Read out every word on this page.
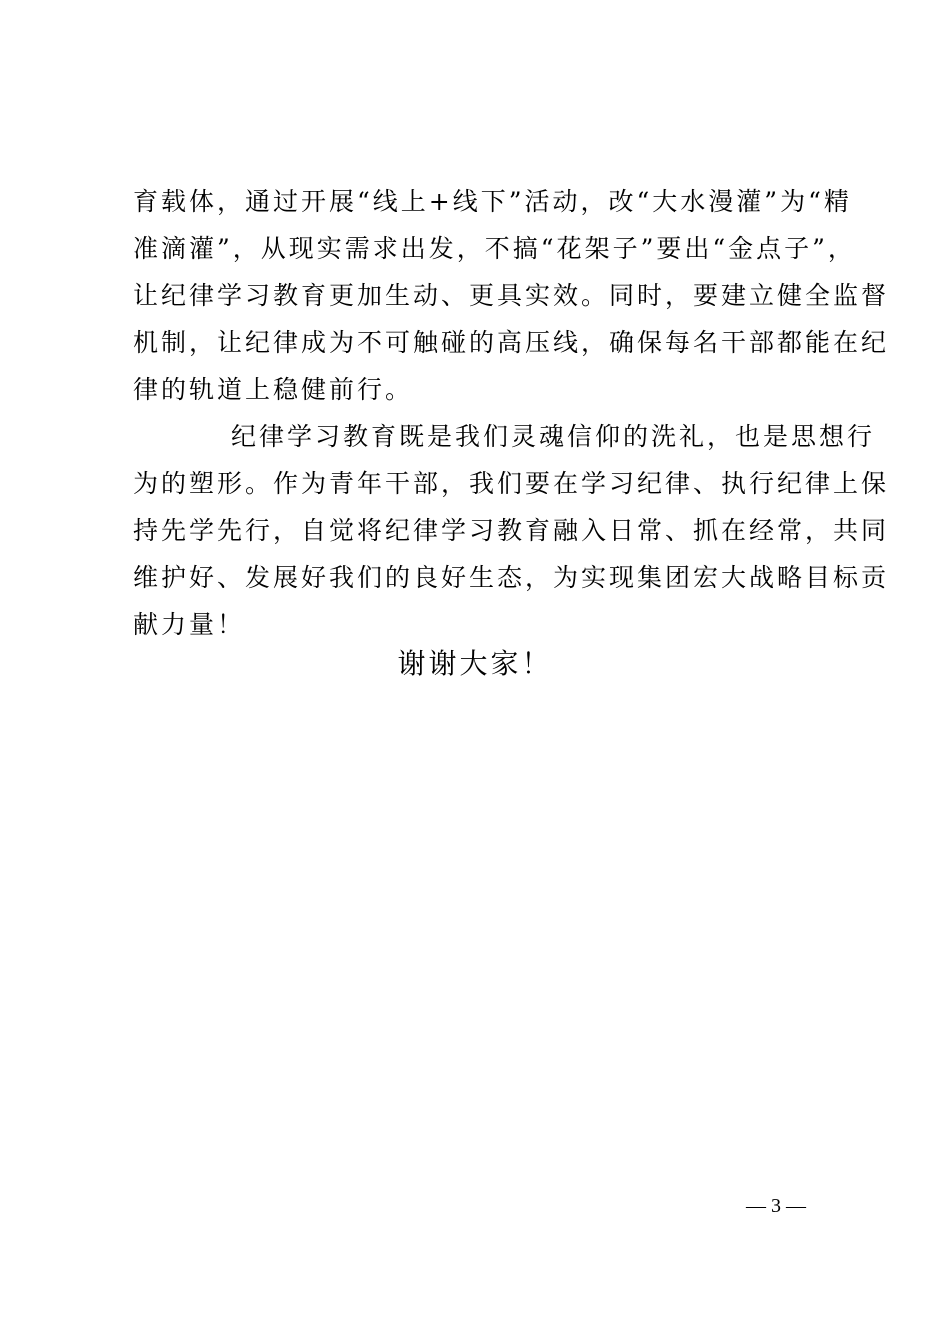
育载体，通过开展“线上+线下”活动，改“大水漫灌”为“精
准滴灌”，从现实需求出发，不搞“花架子”要出“金点子”，
让纪律学习教育更加生动、更具实效。同时，要建立健全监督
机制，让纪律成为不可触碰的高压线，确保每名干部都能在纪
律的轨道上稳健前行。
纪律学习教育既是我们灵魂信仰的洗礼，也是思想行
为的塑形。作为青年干部，我们要在学习纪律、执行纪律上保
持先学先行，自觉将纪律学习教育融入日常、抓在经常，共同
维护好、发展好我们的良好生态，为实现集团宏大战略目标贡
献力量！
谢谢大家！
— 3 —
